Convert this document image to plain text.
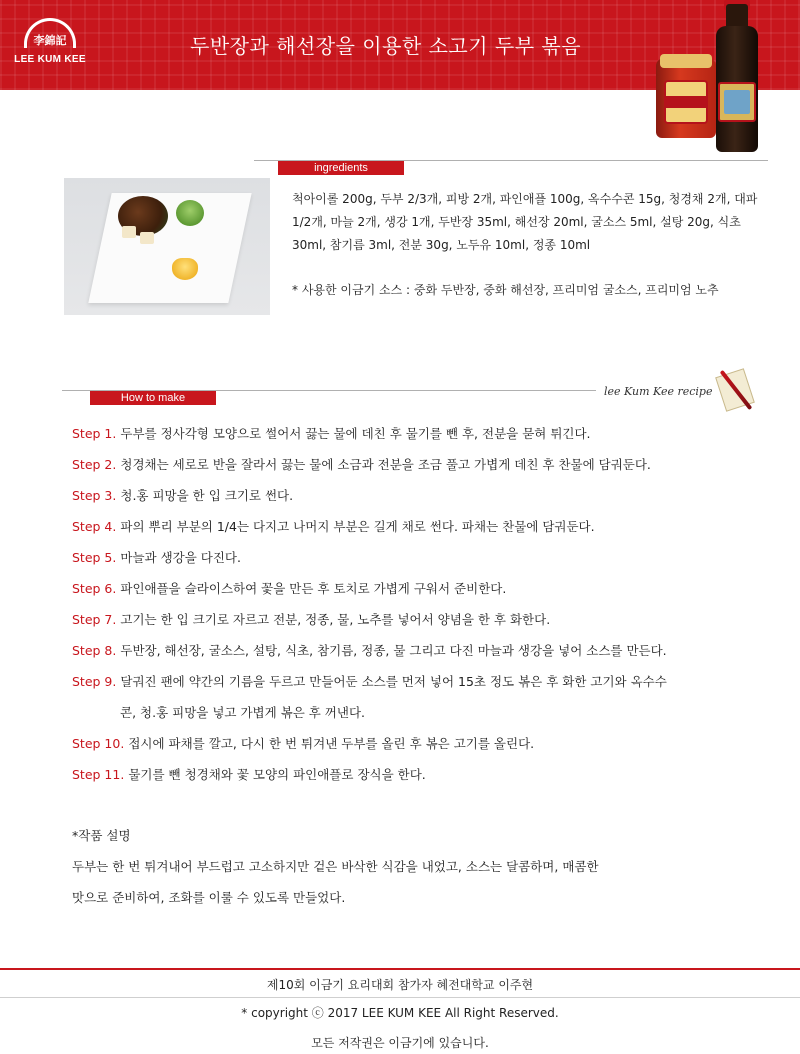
李錦記
LEE KUM KEE
두반장과 해선장을 이용한 소고기 두부 볶음
ingredients
척아이롤 200g, 두부 2/3개, 피방 2개, 파인애플 100g, 옥수수콘 15g, 청경채 2개, 대파 1/2개, 마늘 2개, 생강 1개, 두반장 35ml, 해선장 20ml, 굴소스 5ml, 설탕 20g, 식초 30ml, 참기름 3ml, 전분 30g, 노두유 10ml, 정종 10ml
* 사용한 이금기 소스 : 중화 두반장, 중화 해선장, 프리미엄 굴소스, 프리미엄 노추
How to make	lee Kum Kee recipe
Step 1. 두부를 정사각형 모양으로 썰어서 끓는 물에 데친 후 물기를 뺀 후, 전분을 묻혀 튀긴다.
Step 2. 청경채는 세로로 반을 잘라서 끓는 물에 소금과 전분을 조금 풀고 가볍게 데친 후 찬물에 담궈둔다.
Step 3. 청.홍 피망을 한 입 크기로 썬다.
Step 4. 파의 뿌리 부분의 1/4는 다지고 나머지 부분은 길게 채로 썬다. 파채는 찬물에 담궈둔다.
Step 5. 마늘과 생강을 다진다.
Step 6. 파인애플을 슬라이스하여 꽃을 만든 후 토치로 가볍게 구워서 준비한다.
Step 7. 고기는 한 입 크기로 자르고 전분, 정종, 물, 노추를 넣어서 양념을 한 후 화한다.
Step 8. 두반장, 해선장, 굴소스, 설탕, 식초, 참기름, 정종, 물 그리고 다진 마늘과 생강을 넣어 소스를 만든다.
Step 9. 달궈진 팬에 약간의 기름을 두르고 만들어둔 소스를 먼저 넣어 15초 정도 볶은 후 화한 고기와 옥수수
콘, 청.홍 피망을 넣고 가볍게 볶은 후 꺼낸다.
Step 10. 접시에 파채를 깔고, 다시 한 번 튀겨낸 두부를 올린 후 볶은 고기를 올린다.
Step 11. 물기를 뺀 청경채와 꽃 모양의 파인애플로 장식을 한다.
*작품 설명
두부는 한 번 튀겨내어 부드럽고 고소하지만 겉은 바삭한 식감을 내었고, 소스는 달콤하며, 매콤한
맛으로 준비하여, 조화를 이룰 수 있도록 만들었다.
제10회 이금기 요리대회 참가자 혜전대학교 이주현
* copyright ⓒ 2017 LEE KUM KEE All Right Reserved.
모든 저작권은 이금기에 있습니다.
